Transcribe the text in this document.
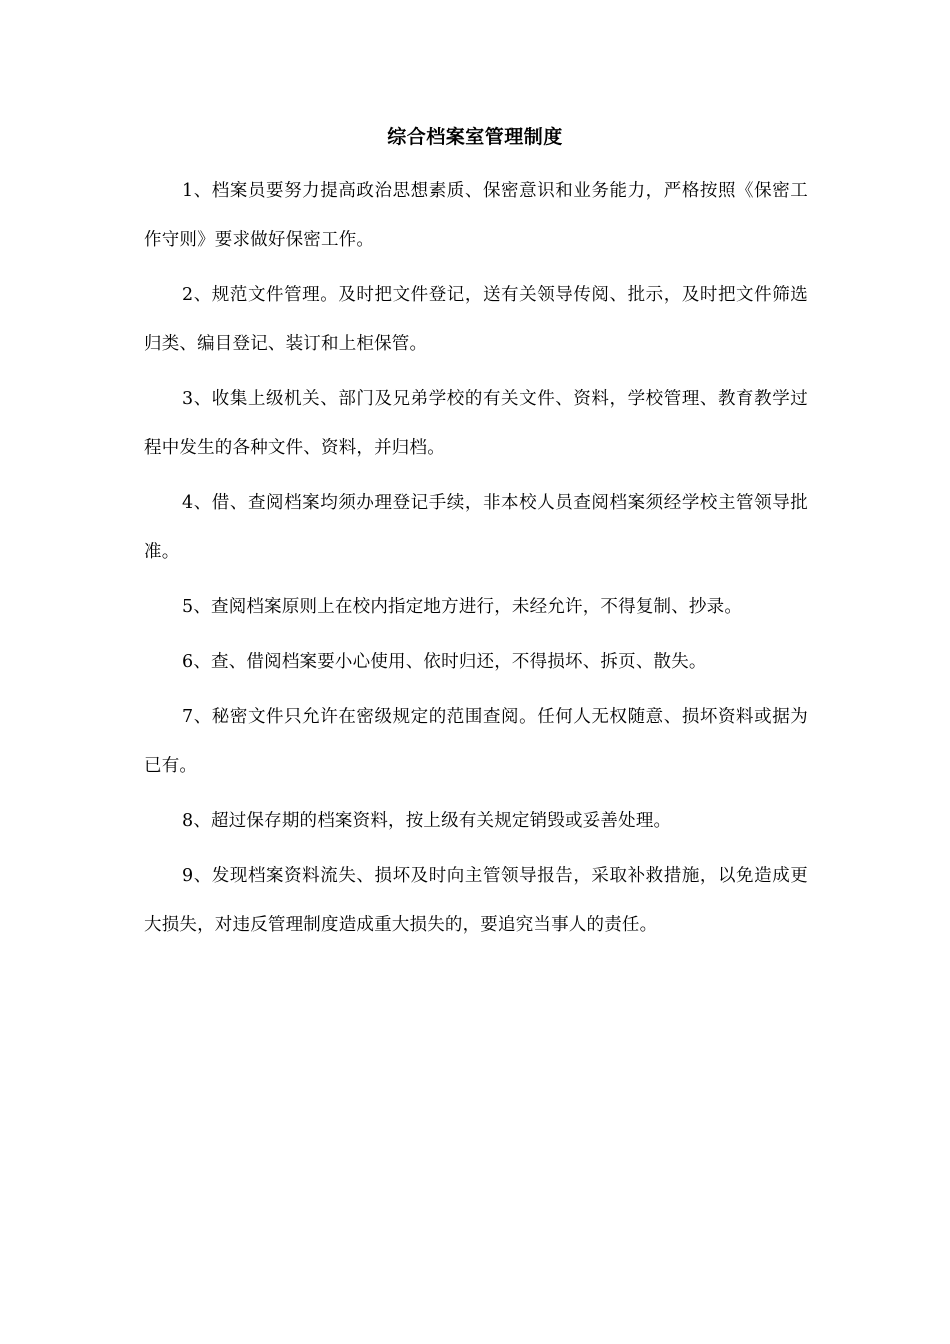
综合档案室管理制度
1、档案员要努力提高政治思想素质、保密意识和业务能力，严格按照《保密工作守则》要求做好保密工作。
2、规范文件管理。及时把文件登记，送有关领导传阅、批示，及时把文件筛选归类、编目登记、装订和上柜保管。
3、收集上级机关、部门及兄弟学校的有关文件、资料，学校管理、教育教学过程中发生的各种文件、资料，并归档。
4、借、查阅档案均须办理登记手续，非本校人员查阅档案须经学校主管领导批准。
5、查阅档案原则上在校内指定地方进行，未经允许，不得复制、抄录。
6、查、借阅档案要小心使用、依时归还，不得损坏、拆页、散失。
7、秘密文件只允许在密级规定的范围查阅。任何人无权随意、损坏资料或据为已有。
8、超过保存期的档案资料，按上级有关规定销毁或妥善处理。
9、发现档案资料流失、损坏及时向主管领导报告，采取补救措施，以免造成更大损失，对违反管理制度造成重大损失的，要追究当事人的责任。
